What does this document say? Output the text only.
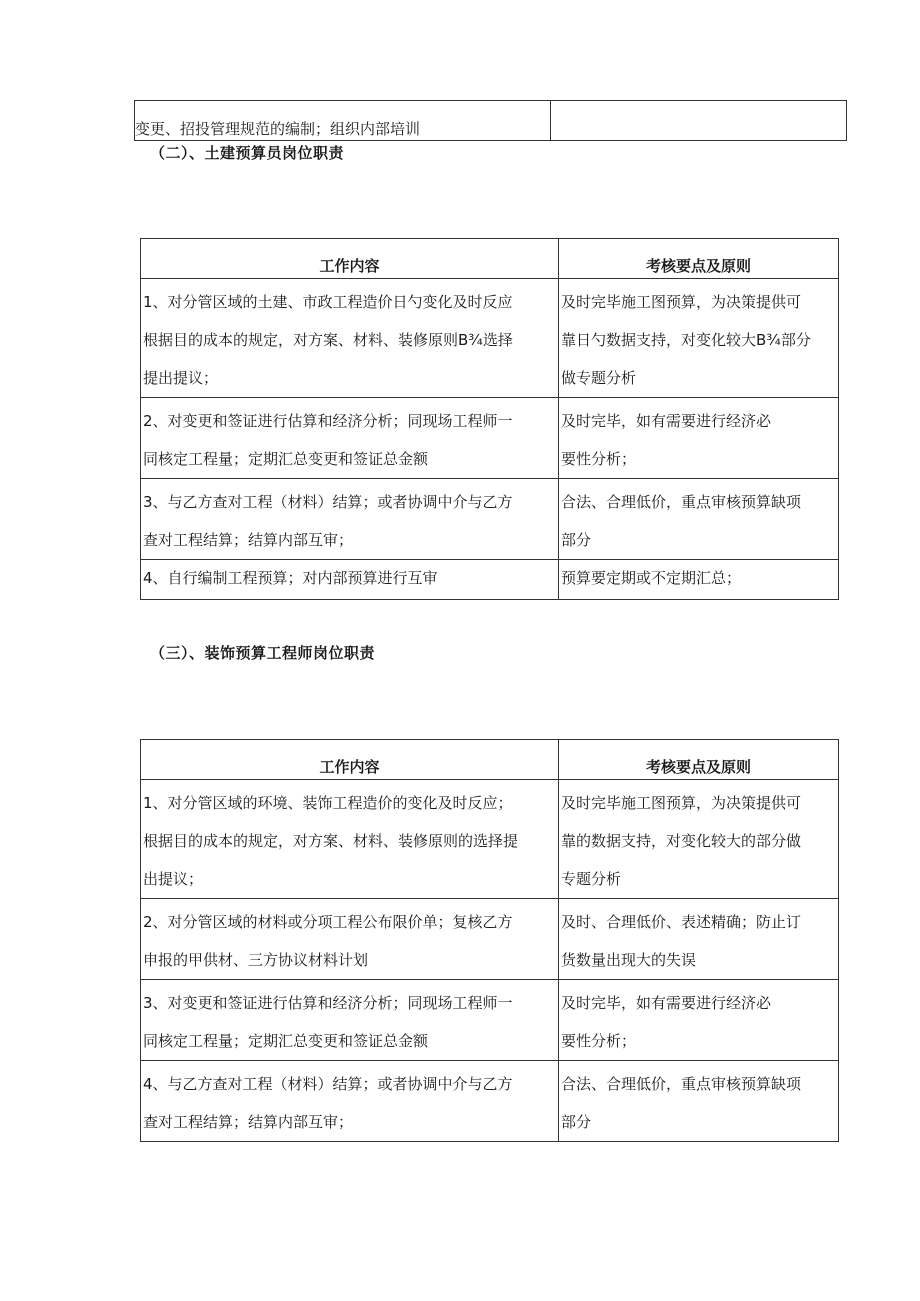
变更、招投管理规范的编制；组织内部培训

（二）、土建预算员岗位职责
工作内容	考核要点及原则

1、对分管区域的土建、市政工程造价日勺变化及时反应
根据目的成本的规定，对方案、材料、装修原则B¾选择
提出提议；	及时完毕施工图预算，为决策提供可
靠日勺数据支持，对变化较大B¾部分
做专题分析

2、对变更和签证进行估算和经济分析；同现场工程师一
同核定工程量；定期汇总变更和签证总金额	及时完毕，如有需要进行经济必
要性分析；

3、与乙方查对工程（材料）结算；或者协调中介与乙方
查对工程结算；结算内部互审；	合法、合理低价，重点审核预算缺项
部分

4、自行编制工程预算；对内部预算进行互审	预算要定期或不定期汇总；
（三）、装饰预算工程师岗位职责
工作内容	考核要点及原则

1、对分管区域的环境、装饰工程造价的变化及时反应；
根据目的成本的规定，对方案、材料、装修原则的选择提
出提议；	及时完毕施工图预算，为决策提供可
靠的数据支持，对变化较大的部分做
专题分析

2、对分管区域的材料或分项工程公布限价单；复核乙方
申报的甲供材、三方协议材料计划	及时、合理低价、表述精确；防止订
货数量出现大的失误

3、对变更和签证进行估算和经济分析；同现场工程师一
同核定工程量；定期汇总变更和签证总金额	及时完毕，如有需要进行经济必
要性分析；

4、与乙方查对工程（材料）结算；或者协调中介与乙方
查对工程结算；结算内部互审；	合法、合理低价，重点审核预算缺项
部分
